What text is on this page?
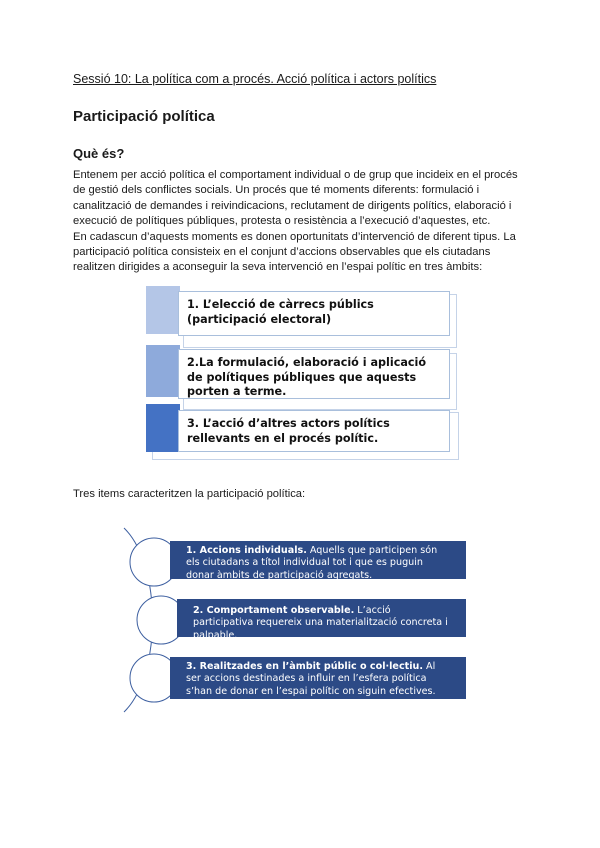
Sessió 10: La política com a procés. Acció política i actors polítics
Participació política
Què és?

Entenem per acció política el comportament individual o de grup que incideix en el procés de gestió dels conflictes socials. Un procés que té moments diferents: formulació i canalització de demandes i reivindicacions, reclutament de dirigents polítics, elaboració i execució de polítiques públiques, protesta o resistència a l’execució d’aquestes, etc.

En cadascun d’aquests moments es donen oportunitats d’intervenció de diferent tipus. La participació política consisteix en el conjunt d’accions observables que els ciutadans realitzen dirigides a aconseguir la seva intervenció en l’espai polític en tres àmbits:

1. L’elecció de càrrecs públics (participació electoral)
2.La formulació, elaboració i aplicació de polítiques públiques que aquests porten a terme.
3. L’acció d’altres actors polítics rellevants en el procés polític.
Tres items caracteritzen la participació política:
1. Accions individuals. Aquells que participen són els ciutadans a títol individual tot i que es puguin donar àmbits de participació agregats.
2. Comportament observable. L’acció participativa requereix una materialització concreta i palpable.
3. Realitzades en l’àmbit públic o col·lectiu. Al ser accions destinades a influir en l’esfera política s’han de donar en l’espai polític on siguin efectives.
